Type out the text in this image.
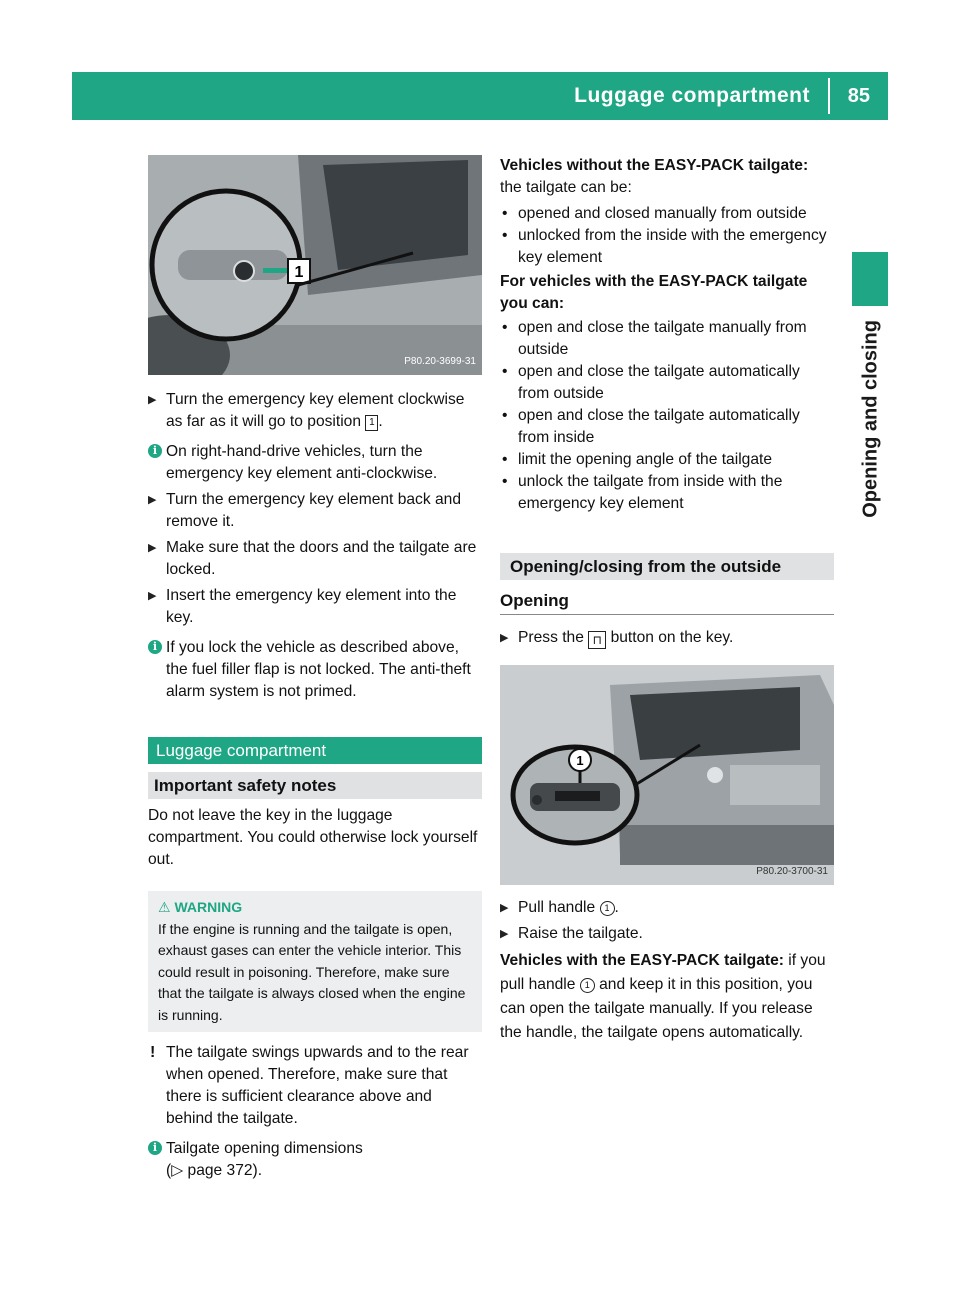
Luggage compartment 85
Opening and closing
1
P80.20-3699-31

▶ Turn the emergency key element clockwise as far as it will go to position 1 .

i On right-hand-drive vehicles, turn the emergency key element anti-clockwise.

▶ Turn the emergency key element back and remove it.

▶ Make sure that the doors and the tailgate are locked.

▶ Insert the emergency key element into the key.

i If you lock the vehicle as described above, the fuel filler flap is not locked. The anti-theft alarm system is not primed.

Luggage compartment
Important safety notes

Do not leave the key in the luggage compartment. You could otherwise lock yourself out.

⚠ WARNING
If the engine is running and the tailgate is open, exhaust gases can enter the vehicle interior. This could result in poisoning. Therefore, make sure that the tailgate is always closed when the engine is running.

! The tailgate swings upwards and to the rear when opened. Therefore, make sure that there is sufficient clearance above and behind the tailgate.

i Tailgate opening dimensions
(▷ page 372).

Vehicles without the EASY-PACK tailgate: the tailgate can be:

• opened and closed manually from outside

• unlocked from the inside with the emergency key element

For vehicles with the EASY-PACK tailgate you can:

• open and close the tailgate manually from outside

• open and close the tailgate automatically from outside

• open and close the tailgate automatically from inside

• limit the opening angle of the tailgate

• unlock the tailgate from inside with the emergency key element

Opening/closing from the outside
Opening

▶ Press the ⊓ button on the key.

1
P80.20-3700-31

▶ Pull handle 1 .

▶ Raise the tailgate.

Vehicles with the EASY-PACK tailgate: if you pull handle 1 and keep it in this position, you can open the tailgate manually. If you release the handle, the tailgate opens automatically.
